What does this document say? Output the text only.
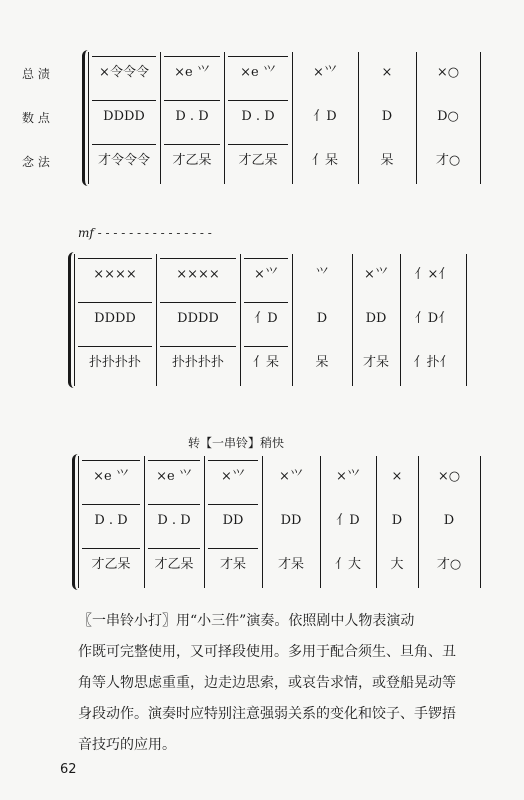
×令令令
DDDD
才令令令
×e ⺍
D . D
才乙呆
×e ⺍
D . D
才乙呆
×⺍
亻D
亻呆
×
D
呆
×○
D○
才○
总 渍
数 点
念 法
××××
DDDD
扑扑扑扑
××××
DDDD
扑扑扑扑
×⺍
亻D
亻呆
⺍
D
呆
×⺍
DD
才呆
亻×亻
亻D亻
亻扑亻
mf - - - - - - - - - - - - - - -
×e ⺍
D . D
才乙呆
×e ⺍
D . D
才乙呆
×⺍
DD
才呆
×⺍
DD
才呆
×⺍
亻D
亻大
×
D
大
×○
D
才○
转【一串铃】稍快
〖一串铃小打〗用“小三件”演奏。依照剧中人物表演动
作既可完整使用，又可择段使用。多用于配合须生、旦角、丑
角等人物思虑重重，边走边思索，或哀告求情，或登船晃动等
身段动作。演奏时应特别注意强弱关系的变化和饺子、手锣捂
音技巧的应用。
62
